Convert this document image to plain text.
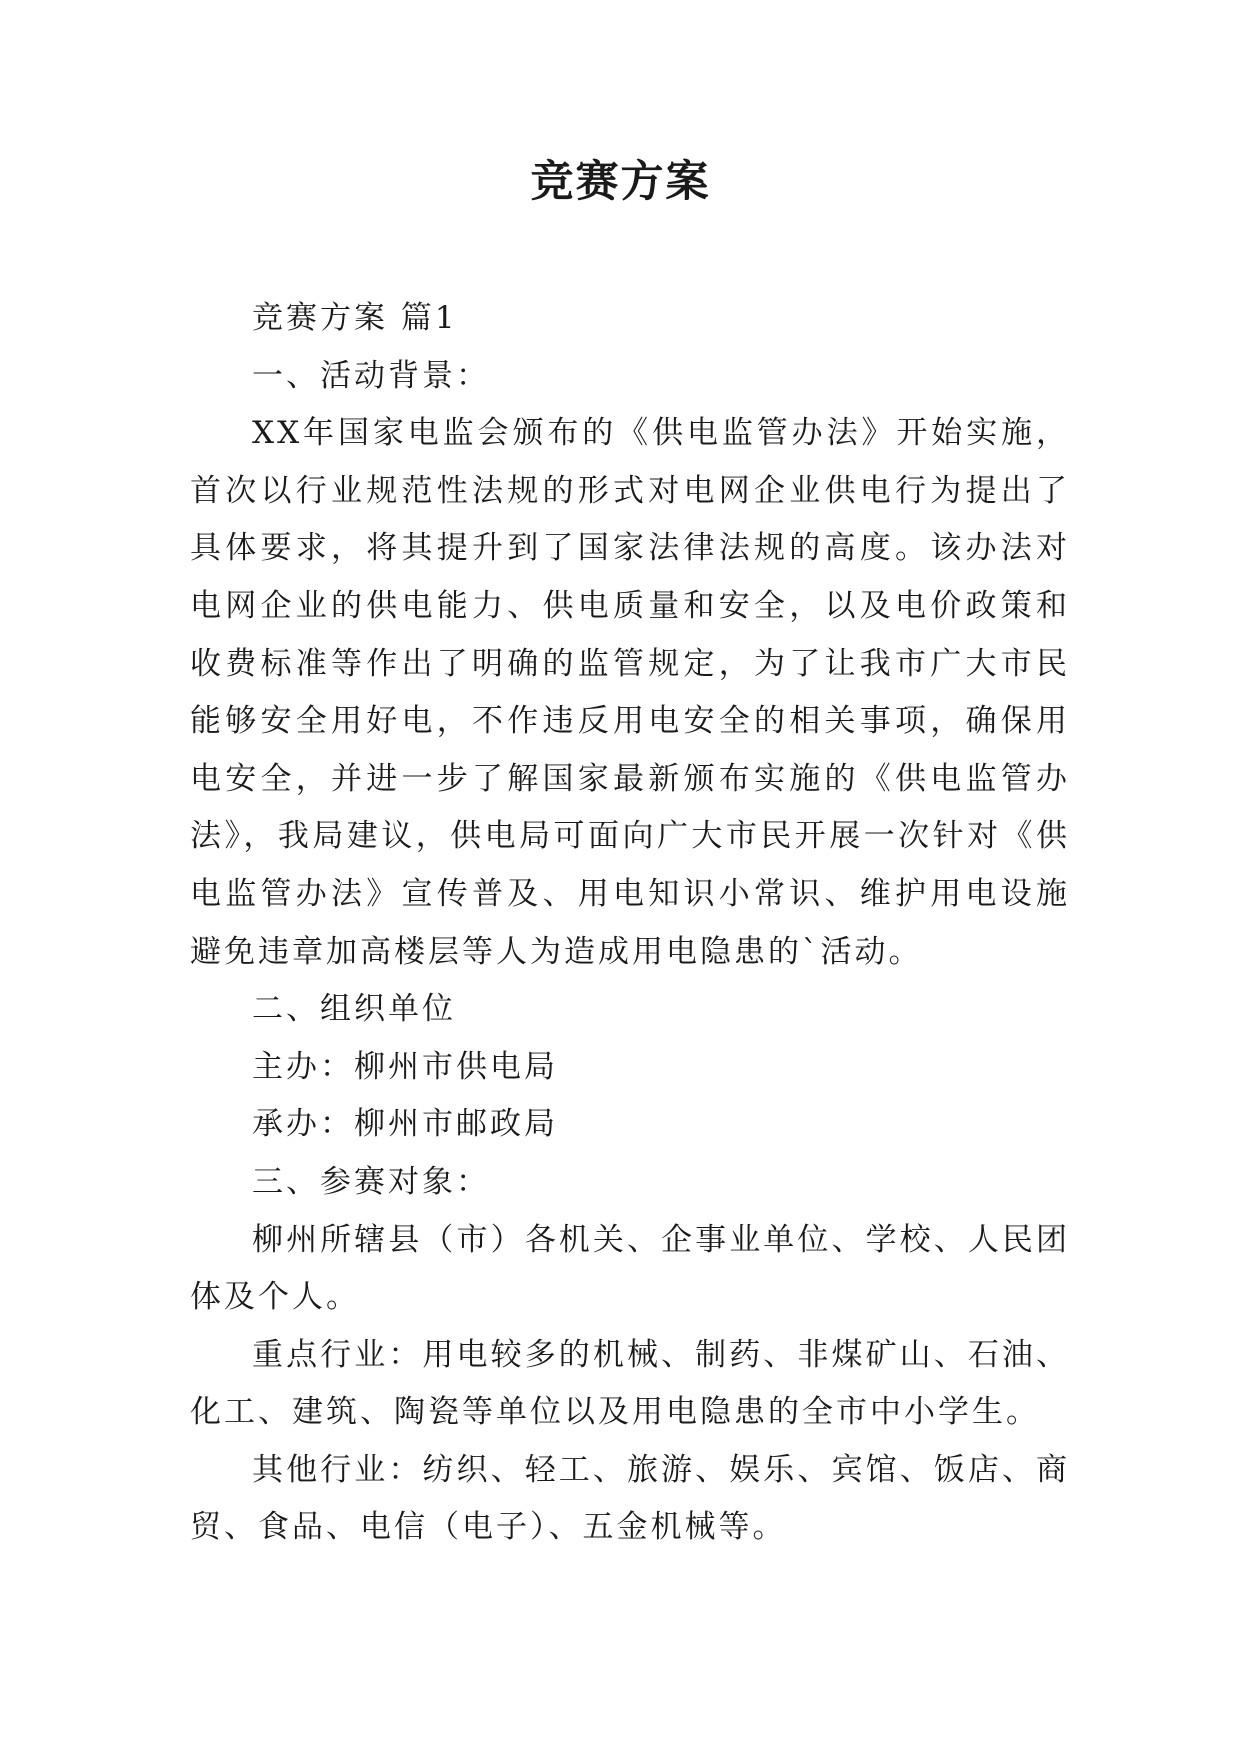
竞赛方案

竞赛方案 篇1

一、活动背景：

XX年国家电监会颁布的《供电监管办法》开始实施，首次以行业规范性法规的形式对电网企业供电行为提出了具体要求，将其提升到了国家法律法规的高度。该办法对电网企业的供电能力、供电质量和安全，以及电价政策和收费标准等作出了明确的监管规定，为了让我市广大市民能够安全用好电，不作违反用电安全的相关事项，确保用电安全，并进一步了解国家最新颁布实施的《供电监管办法》，我局建议，供电局可面向广大市民开展一次针对《供电监管办法》宣传普及、用电知识小常识、维护用电设施避免违章加高楼层等人为造成用电隐患的`活动。

二、组织单位

主办：柳州市供电局

承办：柳州市邮政局

三、参赛对象：

柳州所辖县（市）各机关、企事业单位、学校、人民团体及个人。

重点行业：用电较多的机械、制药、非煤矿山、石油、化工、建筑、陶瓷等单位以及用电隐患的全市中小学生。

其他行业：纺织、轻工、旅游、娱乐、宾馆、饭店、商贸、食品、电信（电子）、五金机械等。
